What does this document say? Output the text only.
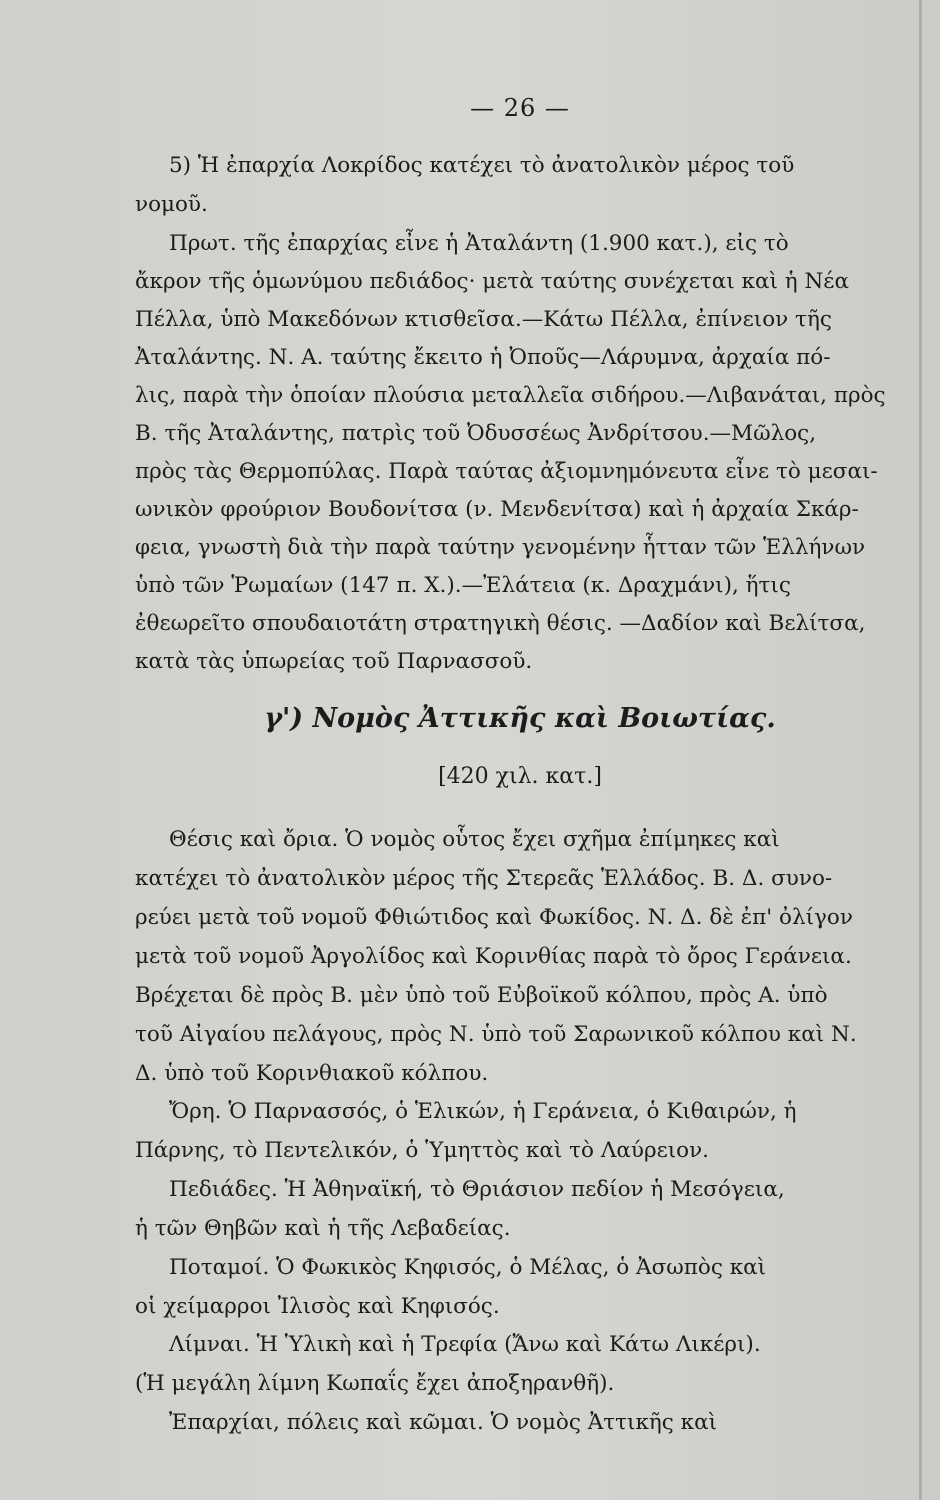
— 26 —
5) Ἡ ἐπαρχία Λοκρίδος κατέχει τὸ ἀνατολικὸν μέρος τοῦ
νομοῦ.
Πρωτ. τῆς ἐπαρχίας εἶνε ἡ Ἀταλάντη (1.900 κατ.), εἰς τὸ
ἄκρον τῆς ὁμωνύμου πεδιάδος· μετὰ ταύτης συνέχεται καὶ ἡ Νέα
Πέλλα, ὑπὸ Μακεδόνων κτισθεῖσα.—Κάτω Πέλλα, ἐπίνειον τῆς
Ἀταλάντης. Ν. Α. ταύτης ἔκειτο ἡ Ὀποῦς—Λάρυμνα, ἀρχαία πό-
λις, παρὰ τὴν ὁποίαν πλούσια μεταλλεῖα σιδήρου.—Λιβανάται, πρὸς
Β. τῆς Ἀταλάντης, πατρὶς τοῦ Ὀδυσσέως Ἀνδρίτσου.—Μῶλος,
πρὸς τὰς Θερμοπύλας. Παρὰ ταύτας ἀξιομνημόνευτα εἶνε τὸ μεσαι-
ωνικὸν φρούριον Βουδονίτσα (ν. Μενδενίτσα) καὶ ἡ ἀρχαία Σκάρ-
φεια, γνωστὴ διὰ τὴν παρὰ ταύτην γενομένην ἧτταν τῶν Ἑλλήνων
ὑπὸ τῶν Ῥωμαίων (147 π. Χ.).—Ἐλάτεια (κ. Δραχμάνι), ἥτις
ἐθεωρεῖτο σπουδαιοτάτη στρατηγικὴ θέσις. —Δαδίον καὶ Βελίτσα,
κατὰ τὰς ὑπωρείας τοῦ Παρνασσοῦ.
γ') Νομὸς Ἀττικῆς καὶ Βοιωτίας.
[420 χιλ. κατ.]
Θέσις καὶ ὄρια. Ὁ νομὸς οὗτος ἔχει σχῆμα ἐπίμηκες καὶ
κατέχει τὸ ἀνατολικὸν μέρος τῆς Στερεᾶς Ἑλλάδος. Β. Δ. συνο-
ρεύει μετὰ τοῦ νομοῦ Φθιώτιδος καὶ Φωκίδος. Ν. Δ. δὲ ἐπ' ὀλίγον
μετὰ τοῦ νομοῦ Ἀργολίδος καὶ Κορινθίας παρὰ τὸ ὄρος Γεράνεια.
Βρέχεται δὲ πρὸς Β. μὲν ὑπὸ τοῦ Εὐβοϊκοῦ κόλπου, πρὸς Α. ὑπὸ
τοῦ Αἰγαίου πελάγους, πρὸς Ν. ὑπὸ τοῦ Σαρωνικοῦ κόλπου καὶ Ν.
Δ. ὑπὸ τοῦ Κορινθιακοῦ κόλπου.
Ὄρη. Ὁ Παρνασσός, ὁ Ἑλικών, ἡ Γεράνεια, ὁ Κιθαιρών, ἡ
Πάρνης, τὸ Πεντελικόν, ὁ Ὑμηττὸς καὶ τὸ Λαύρειον.
Πεδιάδες. Ἡ Ἀθηναϊκή, τὸ Θριάσιον πεδίον ἡ Μεσόγεια,
ἡ τῶν Θηβῶν καὶ ἡ τῆς Λεβαδείας.
Ποταμοί. Ὁ Φωκικὸς Κηφισός, ὁ Μέλας, ὁ Ἀσωπὸς καὶ
οἱ χείμαρροι Ἰλισὸς καὶ Κηφισός.
Λίμναι. Ἡ Ὑλικὴ καὶ ἡ Τρεφία (Ἄνω καὶ Κάτω Λικέρι).
(Ἡ μεγάλη λίμνη Κωπαΐς ἔχει ἀποξηρανθῆ).
Ἐπαρχίαι, πόλεις καὶ κῶμαι. Ὁ νομὸς Ἀττικῆς καὶ
